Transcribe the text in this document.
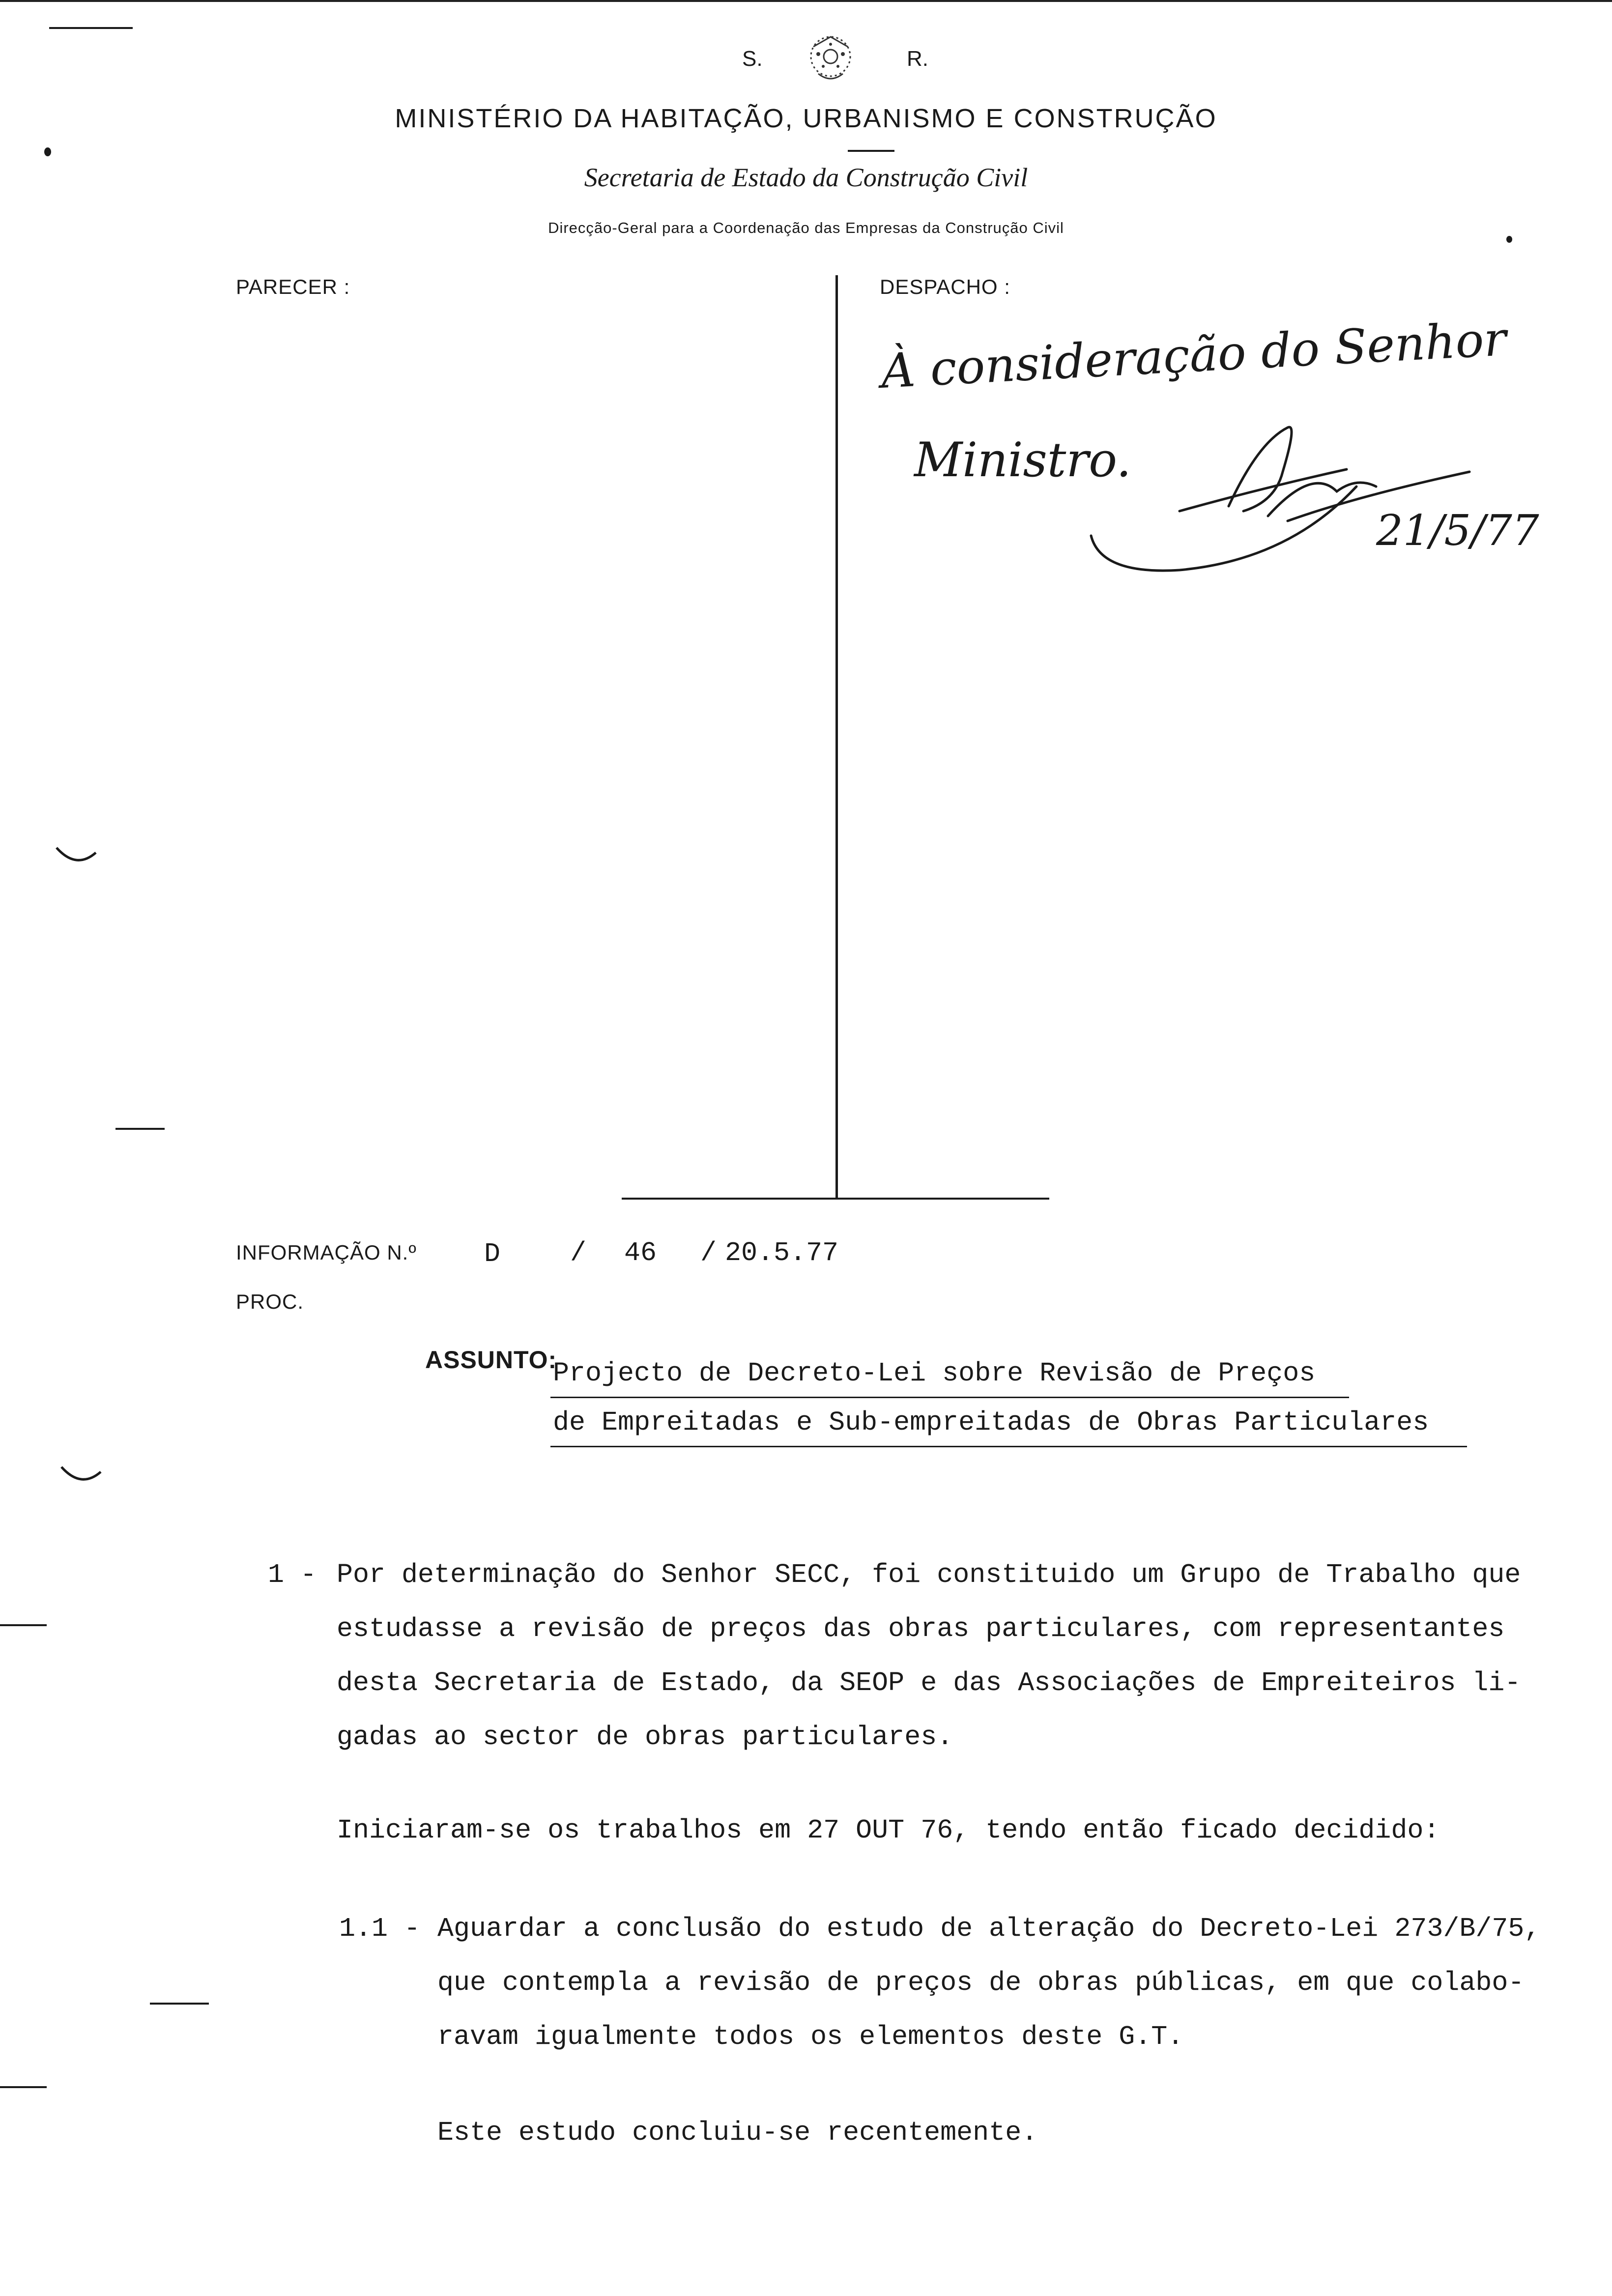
S.	R.
MINISTÉRIO DA HABITAÇÃO, URBANISMO E CONSTRUÇÃO
Secretaria de Estado da Construção Civil
Direcção-Geral para a Coordenação das Empresas da Construção Civil
PARECER :	DESPACHO :
À consideração do Senhor
Ministro.
21/5/77
INFORMAÇÃO N.º D	/ 46 / 20.5.77
PROC.
ASSUNTO:
Projecto de Decreto-Lei sobre Revisão de Preços
de Empreitadas e Sub-empreitadas de Obras Particulares
1 - Por determinação do Senhor SECC, foi constituido um Grupo de Trabalho que
estudasse a revisão de preços das obras particulares, com representantes
desta Secretaria de Estado, da SEOP e das Associações de Empreiteiros li-
gadas ao sector de obras particulares.
Iniciaram-se os trabalhos em 27 OUT 76, tendo então ficado decidido:
1.1 - Aguardar a conclusão do estudo de alteração do Decreto-Lei 273/B/75,
que contempla a revisão de preços de obras públicas, em que colabo-
ravam igualmente todos os elementos deste G.T.
Este estudo concluiu-se recentemente.
